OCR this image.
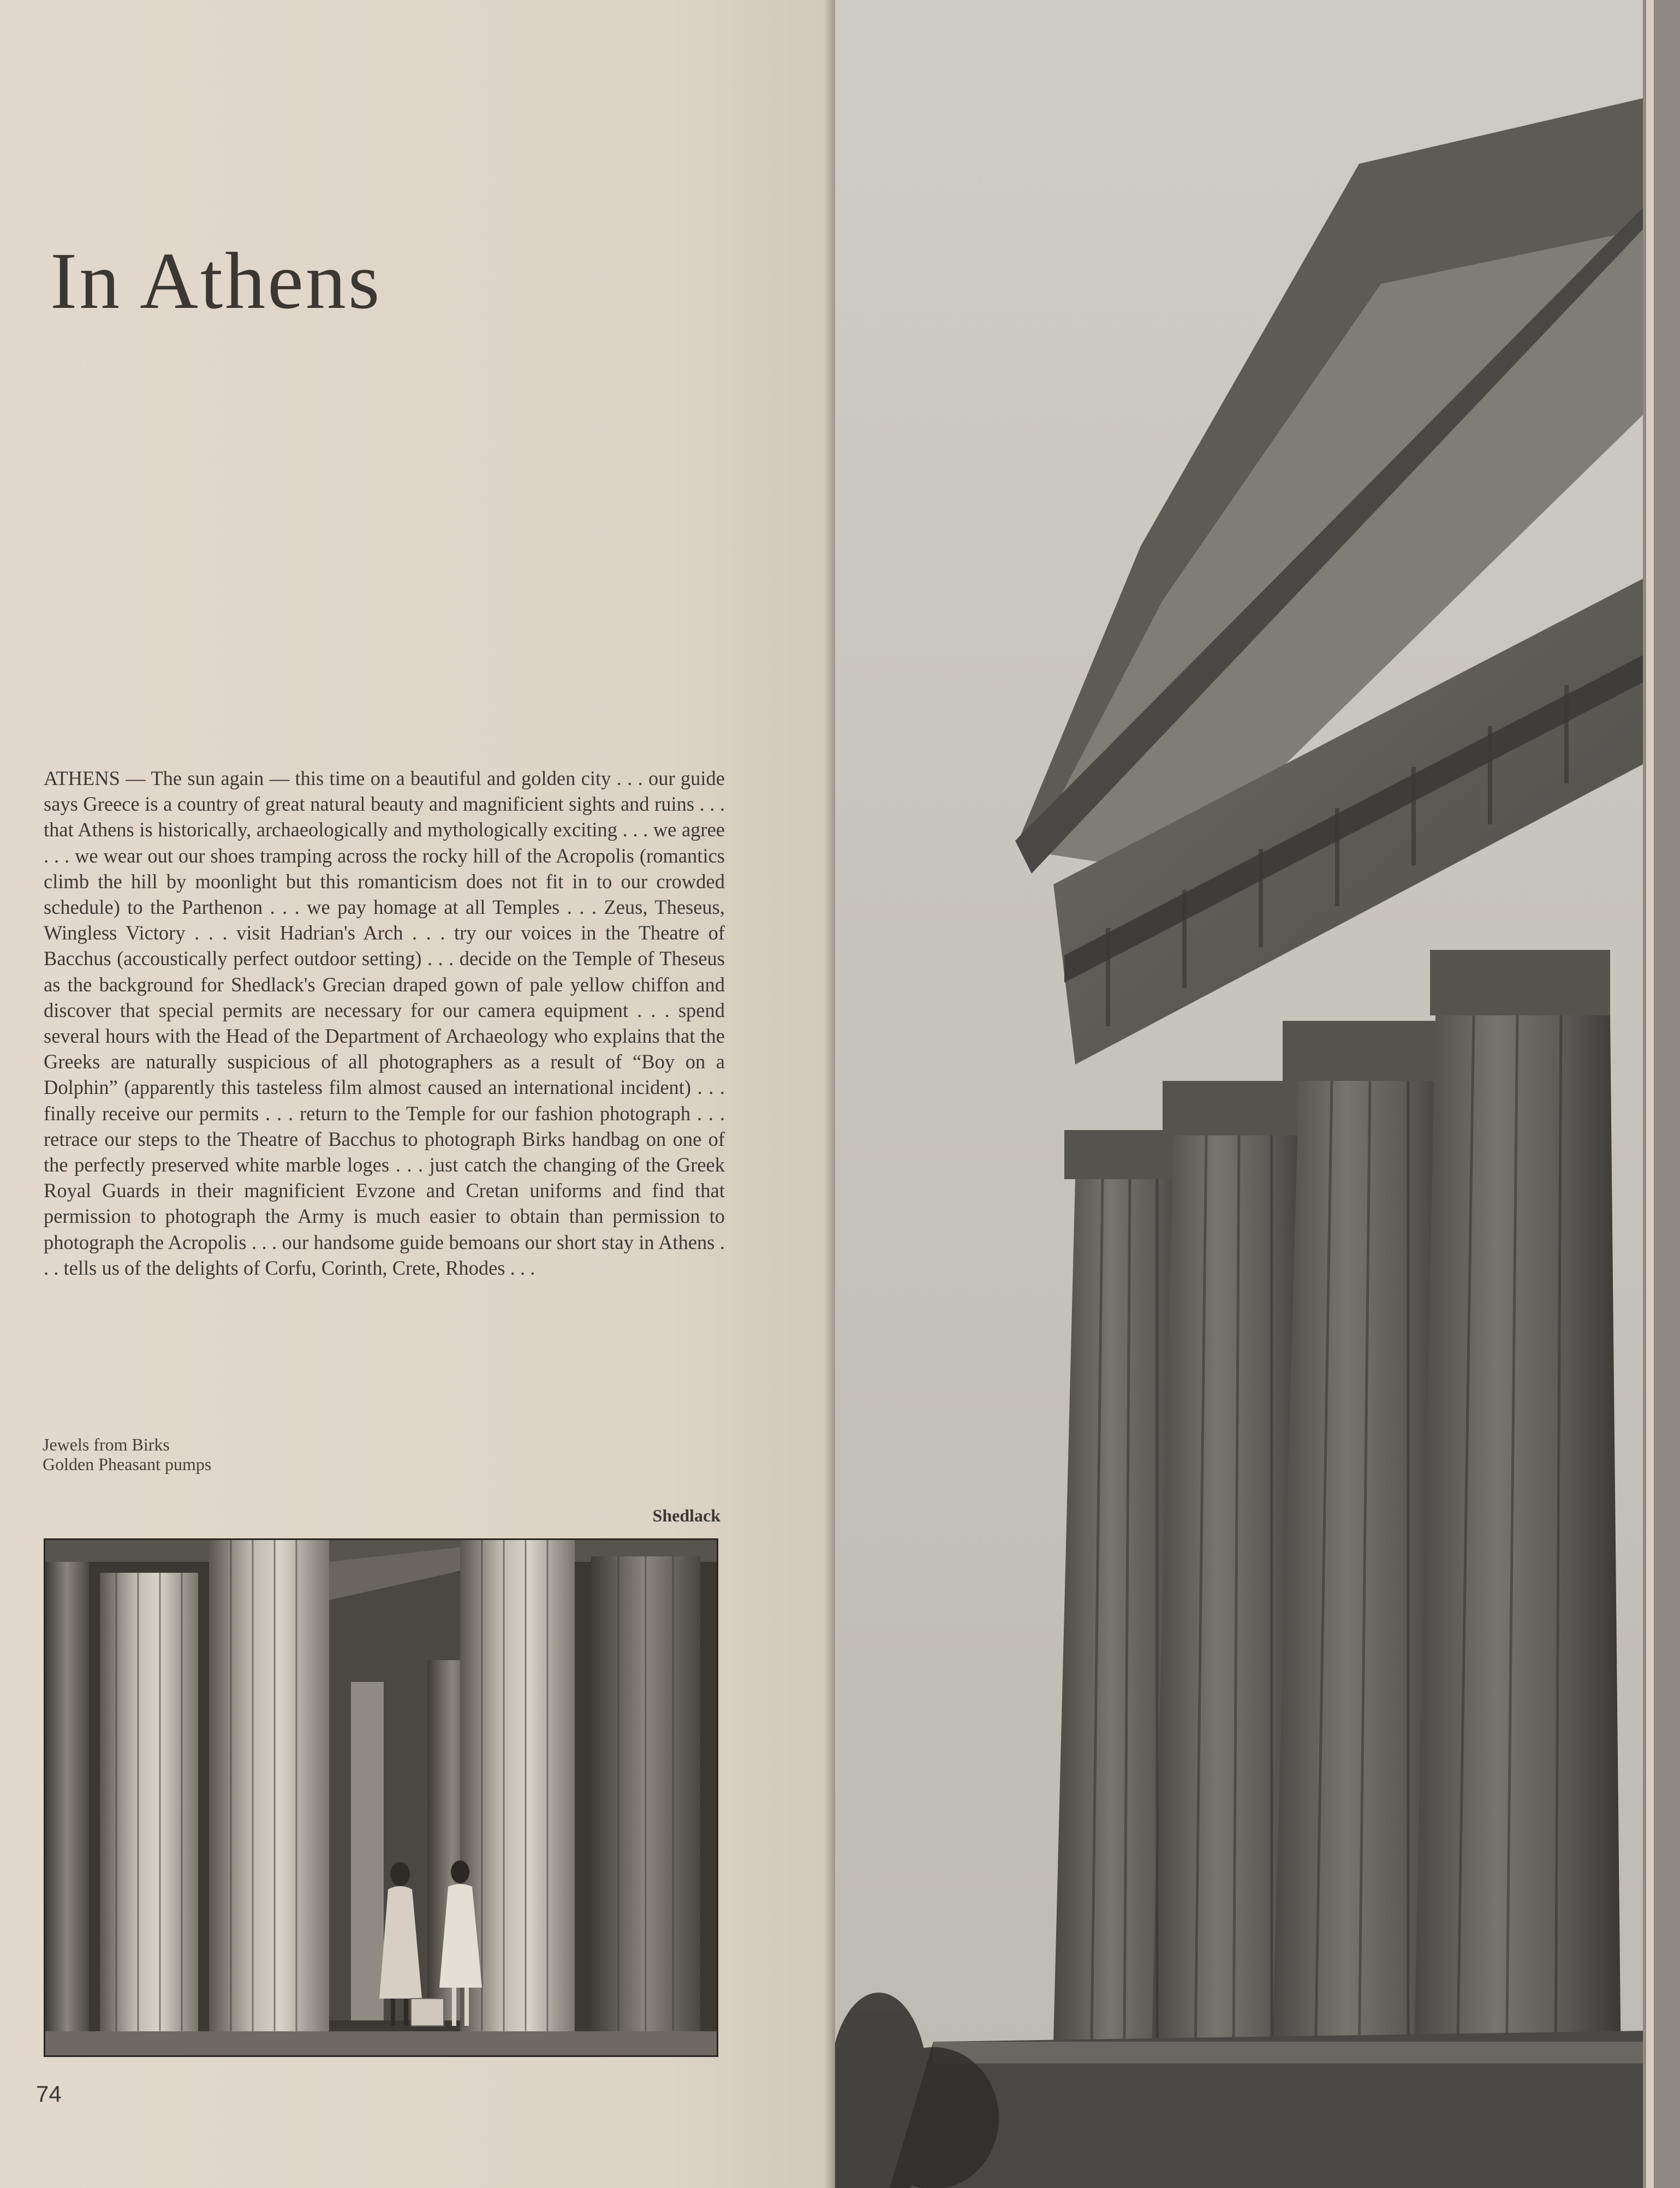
In Athens

ATHENS — The sun again — this time on a beautiful and golden city . . . our guide says Greece is a country of great natural beauty and magnificient sights and ruins . . . that Athens is historically, archaeologically and mythologically exciting . . . we agree . . . we wear out our shoes tramping across the rocky hill of the Acropolis (romantics climb the hill by moonlight but this romanticism does not fit in to our crowded schedule) to the Parthenon . . . we pay homage at all Temples . . . Zeus, Theseus, Wingless Victory . . . visit Hadrian's Arch . . . try our voices in the Theatre of Bacchus (accoustically perfect outdoor setting) . . . decide on the Temple of Theseus as the background for Shedlack's Grecian draped gown of pale yellow chiffon and discover that special permits are necessary for our camera equipment . . . spend several hours with the Head of the Department of Archaeology who explains that the Greeks are naturally suspicious of all photographers as a result of “Boy on a Dolphin” (apparently this tasteless film almost caused an international incident) . . . finally receive our permits . . . return to the Temple for our fashion photograph . . . retrace our steps to the Theatre of Bacchus to photograph Birks handbag on one of the perfectly preserved white marble loges . . . just catch the changing of the Greek Royal Guards in their magnificient Evzone and Cretan uniforms and find that permission to photograph the Army is much easier to obtain than permission to photograph the Acropolis . . . our handsome guide bemoans our short stay in Athens . . . tells us of the delights of Corfu, Corinth, Crete, Rhodes . . .

Jewels from Birks
Golden Pheasant pumps
Shedlack
74
